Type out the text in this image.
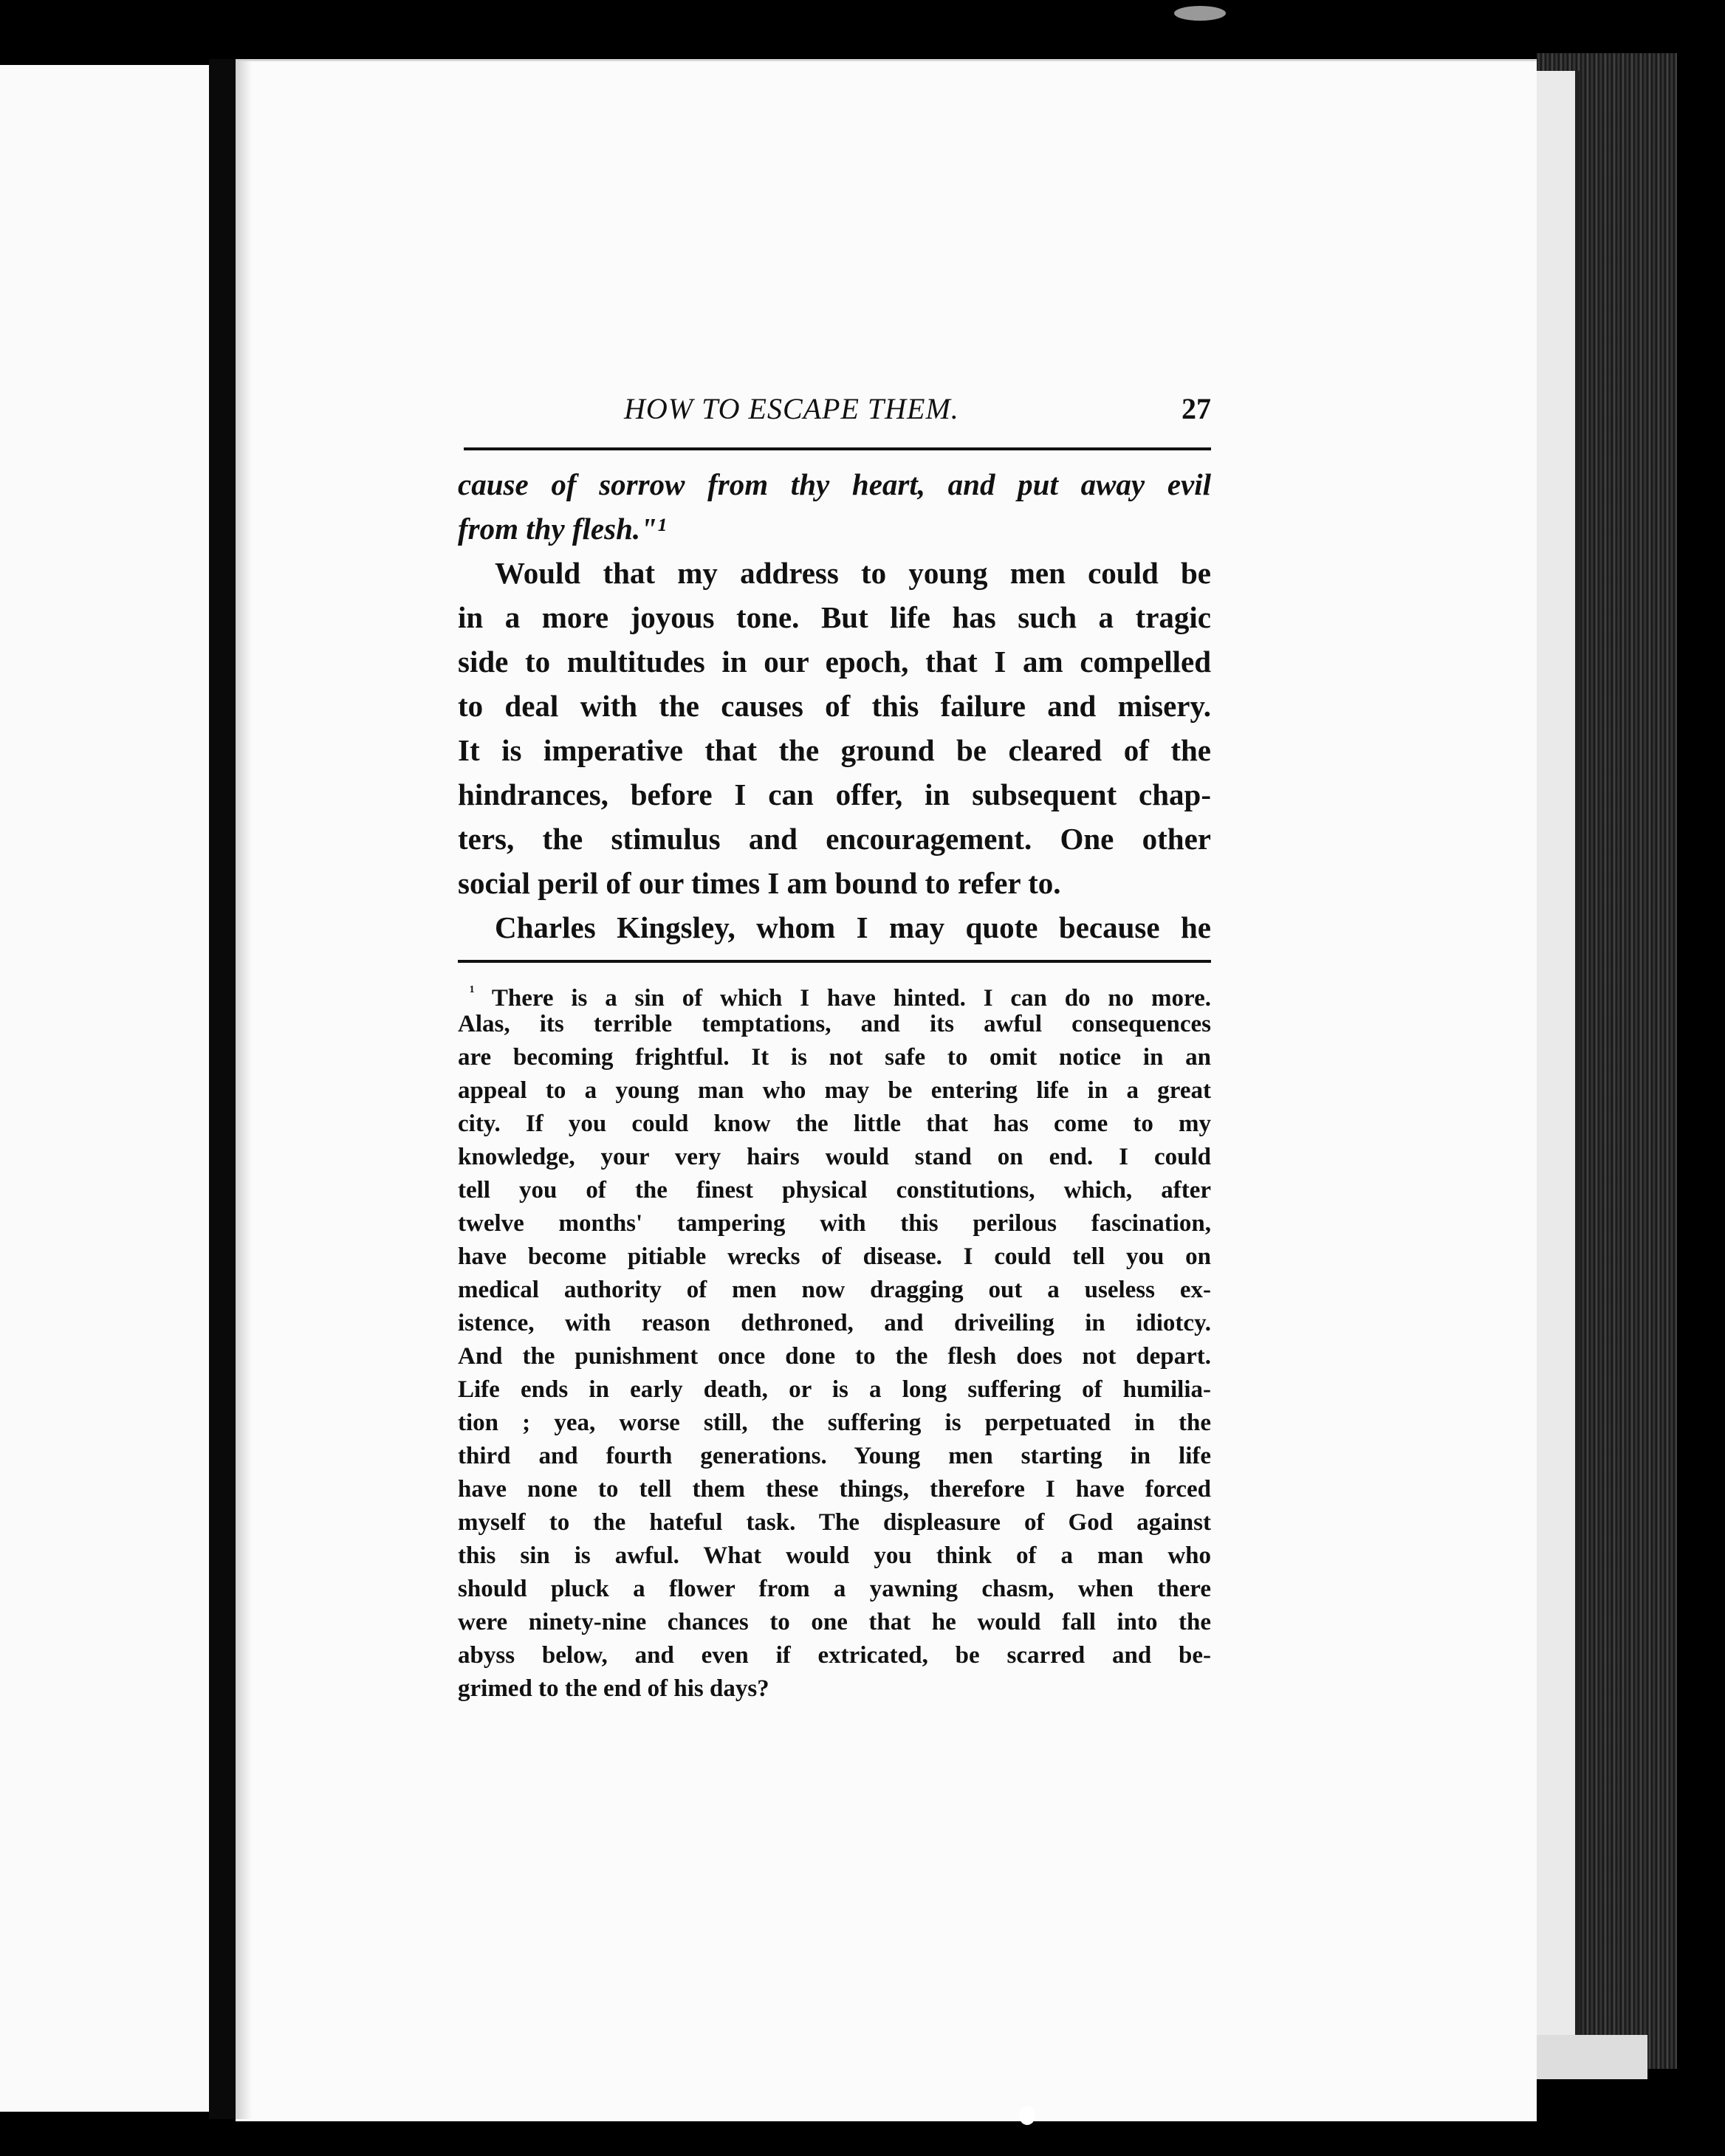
HOW TO ESCAPE THEM.	27
cause of sorrow from thy heart, and put away evil
from thy flesh."¹
Would that my address to young men could be
in a more joyous tone. But life has such a tragic
side to multitudes in our epoch, that I am compelled
to deal with the causes of this failure and misery.
It is imperative that the ground be cleared of the
hindrances, before I can offer, in subsequent chap-
ters, the stimulus and encouragement. One other
social peril of our times I am bound to refer to.
Charles Kingsley, whom I may quote because he
$^{^1}$ There is a sin of which I have hinted. I can do no more.
Alas, its terrible temptations, and its awful consequences
are becoming frightful. It is not safe to omit notice in an
appeal to a young man who may be entering life in a great
city. If you could know the little that has come to my
knowledge, your very hairs would stand on end. I could
tell you of the finest physical constitutions, which, after
twelve months' tampering with this perilous fascination,
have become pitiable wrecks of disease. I could tell you on
medical authority of men now dragging out a useless ex-
istence, with reason dethroned, and driveiling in idiotcy.
And the punishment once done to the flesh does not depart.
Life ends in early death, or is a long suffering of humilia-
tion ; yea, worse still, the suffering is perpetuated in the
third and fourth generations. Young men starting in life
have none to tell them these things, therefore I have forced
myself to the hateful task. The displeasure of God against
this sin is awful. What would you think of a man who
should pluck a flower from a yawning chasm, when there
were ninety-nine chances to one that he would fall into the
abyss below, and even if extricated, be scarred and be-
grimed to the end of his days?
